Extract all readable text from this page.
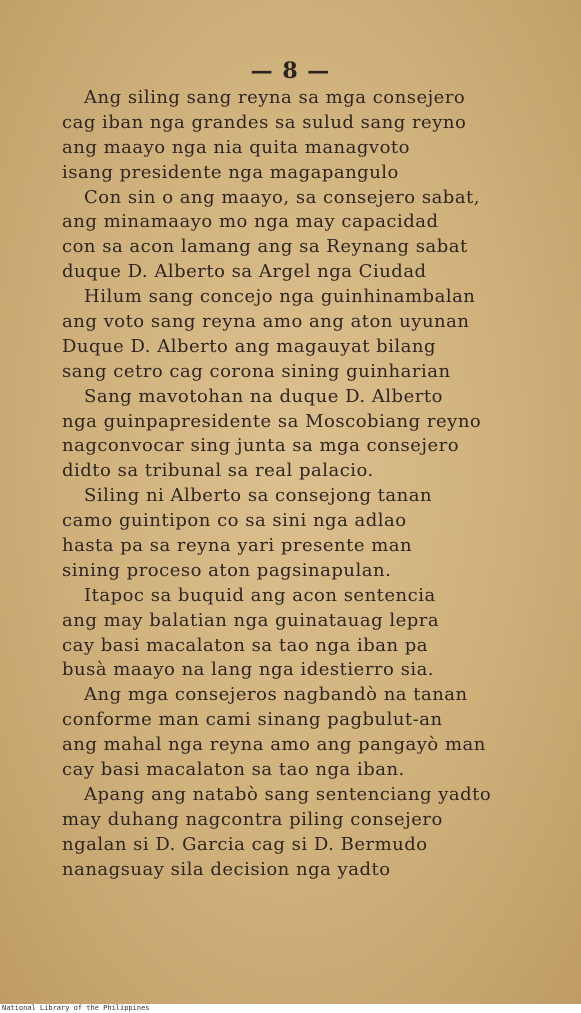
— 8 —
Ang siling sang reyna sa mga consejero
cag iban nga grandes sa sulud sang reyno
ang maayo nga nia quita managvoto
isang presidente nga magapangulo
Con sin o ang maayo, sa consejero sabat,
ang minamaayo mo nga may capacidad
con sa acon lamang ang sa Reynang sabat
duque D. Alberto sa Argel nga Ciudad
Hilum sang concejo nga guinhinambalan
ang voto sang reyna amo ang aton uyunan
Duque D. Alberto ang magauyat bilang
sang cetro cag corona sining guinharian
Sang mavotohan na duque D. Alberto
nga guinpapresidente sa Moscobiang reyno
nagconvocar sing junta sa mga consejero
didto sa tribunal sa real palacio.
Siling ni Alberto sa consejong tanan
camo guintipon co sa sini nga adlao
hasta pa sa reyna yari presente man
sining proceso aton pagsinapulan.
Itapoc sa buquid ang acon sentencia
ang may balatian nga guinatauag lepra
cay basi macalaton sa tao nga iban pa
busà maayo na lang nga idestierro sia.
Ang mga consejeros nagbandò na tanan
conforme man cami sinang pagbulut-an
ang mahal nga reyna amo ang pangayò man
cay basi macalaton sa tao nga iban.
Apang ang natabò sang sentenciang yadto
may duhang nagcontra piling consejero
ngalan si D. Garcia cag si D. Bermudo
nanagsuay sila decision nga yadto
National Library of the Philippines
